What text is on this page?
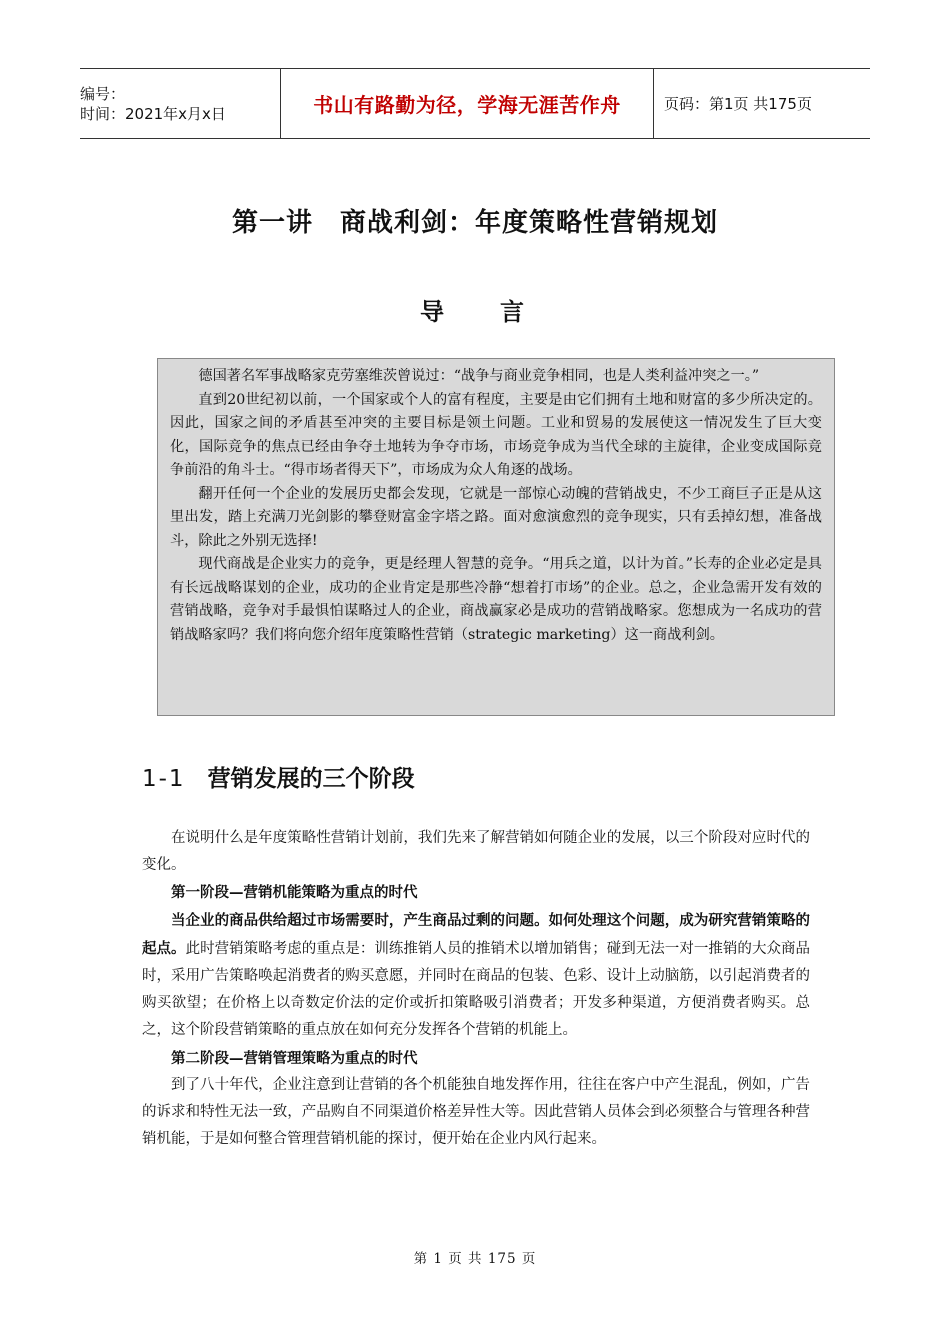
编号：
时间：2021年x月x日	书山有路勤为径，学海无涯苦作舟	页码：第1页 共175页
第一讲　商战利剑：年度策略性营销规划
导言

德国著名军事战略家克劳塞维茨曾说过：“战争与商业竞争相同，也是人类利益冲突之一。”

直到20世纪初以前，一个国家或个人的富有程度，主要是由它们拥有土地和财富的多少所决定的。因此，国家之间的矛盾甚至冲突的主要目标是领土问题。工业和贸易的发展使这一情况发生了巨大变化，国际竞争的焦点已经由争夺土地转为争夺市场，市场竞争成为当代全球的主旋律，企业变成国际竞争前沿的角斗士。“得市场者得天下”，市场成为众人角逐的战场。

翻开任何一个企业的发展历史都会发现，它就是一部惊心动魄的营销战史，不少工商巨子正是从这里出发，踏上充满刀光剑影的攀登财富金字塔之路。面对愈演愈烈的竞争现实，只有丢掉幻想，准备战斗，除此之外别无选择!

现代商战是企业实力的竞争，更是经理人智慧的竞争。“用兵之道，以计为首。”长寿的企业必定是具有长远战略谋划的企业，成功的企业肯定是那些冷静“想着打市场”的企业。总之，企业急需开发有效的营销战略，竞争对手最惧怕谋略过人的企业，商战赢家必是成功的营销战略家。您想成为一名成功的营销战略家吗？我们将向您介绍年度策略性营销（strategic marketing）这一商战利剑。

1-1 营销发展的三个阶段

在说明什么是年度策略性营销计划前，我们先来了解营销如何随企业的发展，以三个阶段对应时代的变化。

第一阶段—营销机能策略为重点的时代

当企业的商品供给超过市场需要时，产生商品过剩的问题。如何处理这个问题，成为研究营销策略的起点。此时营销策略考虑的重点是：训练推销人员的推销术以增加销售；碰到无法一对一推销的大众商品时，采用广告策略唤起消费者的购买意愿，并同时在商品的包装、色彩、设计上动脑筋，以引起消费者的购买欲望；在价格上以奇数定价法的定价或折扣策略吸引消费者；开发多种渠道，方便消费者购买。总之，这个阶段营销策略的重点放在如何充分发挥各个营销的机能上。

第二阶段—营销管理策略为重点的时代

到了八十年代，企业注意到让营销的各个机能独自地发挥作用，往往在客户中产生混乱，例如，广告的诉求和特性无法一致，产品购自不同渠道价格差异性大等。因此营销人员体会到必须整合与管理各种营销机能，于是如何整合管理营销机能的探讨，便开始在企业内风行起来。

第 1 页 共 175 页
